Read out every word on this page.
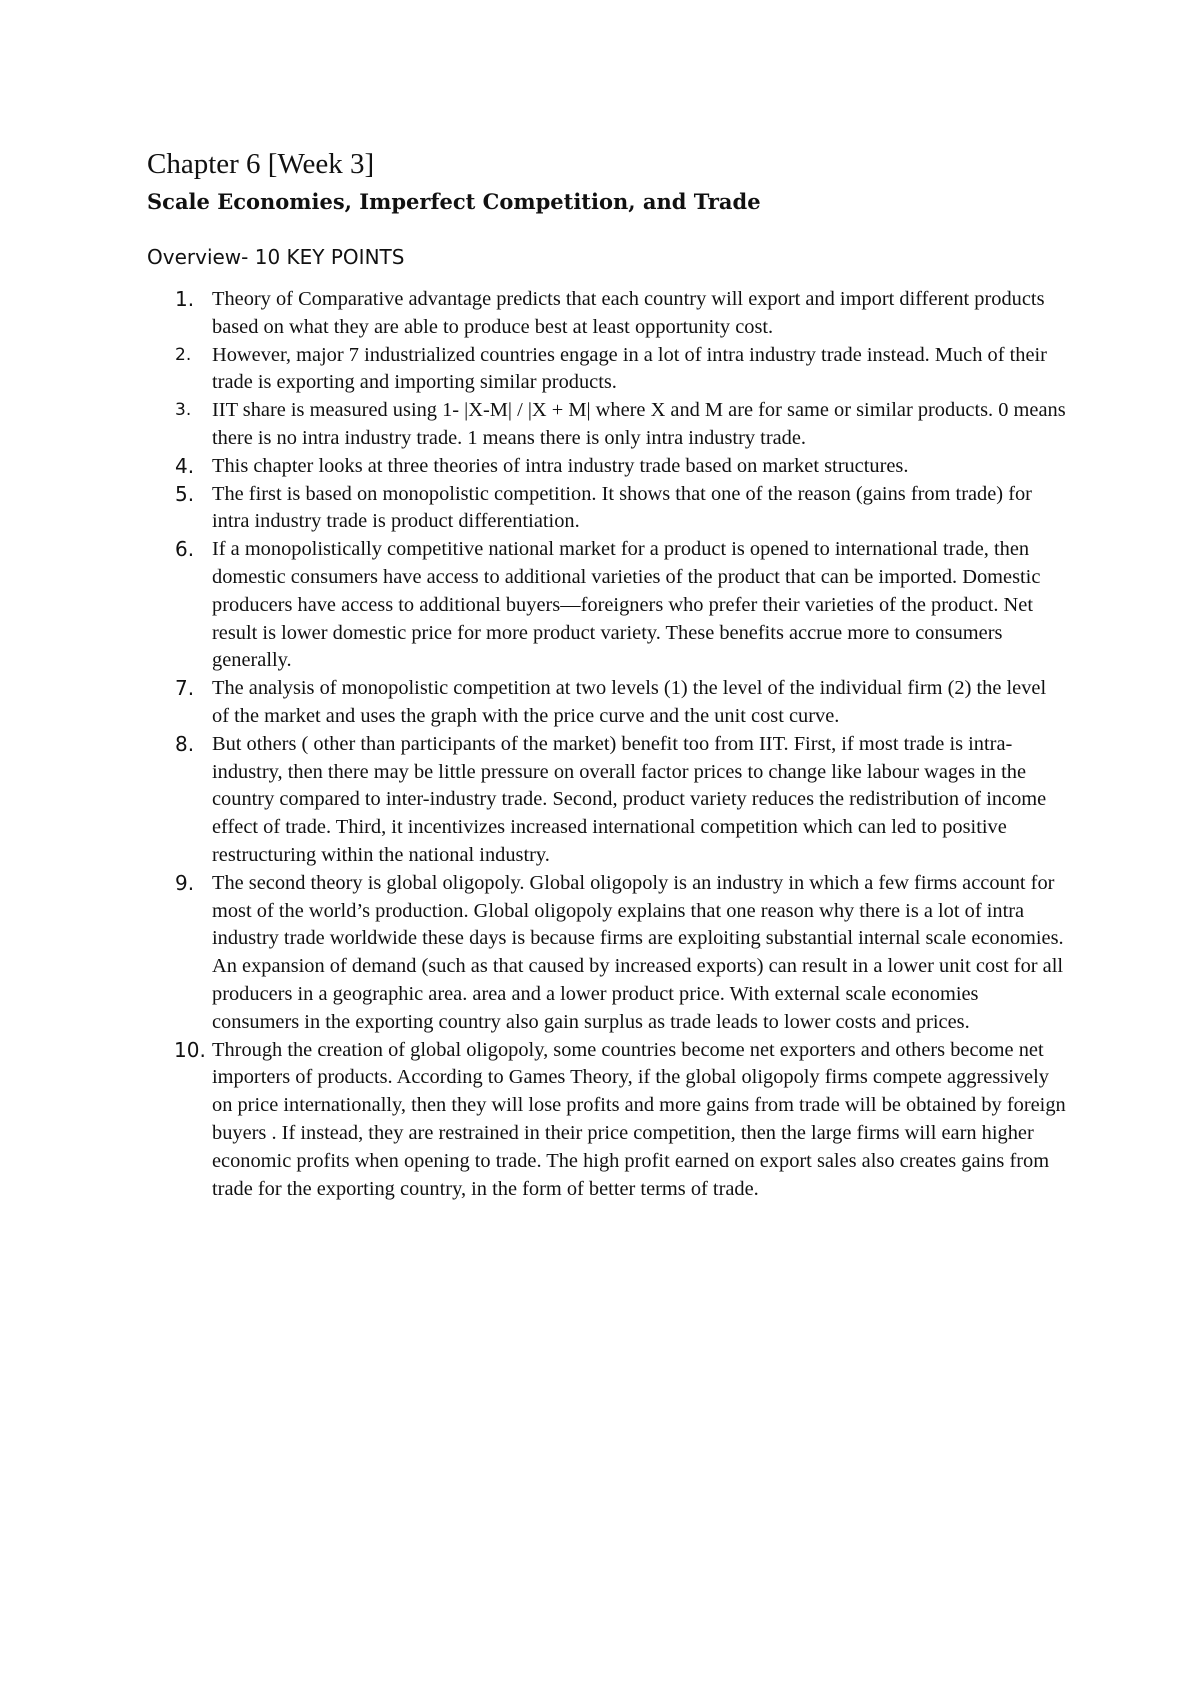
Chapter 6 [Week 3]
Scale Economies, Imperfect Competition, and Trade
Overview- 10 KEY POINTS
1. Theory of Comparative advantage predicts that each country will export and import different products based on what they are able to produce best at least opportunity cost.
2. However, major 7 industrialized countries engage in a lot of intra industry trade instead. Much of their trade is exporting and importing similar products.
3. IIT share is measured using 1- |X-M| / |X + M| where X and M are for same or similar products. 0 means there is no intra industry trade. 1 means there is only intra industry trade.
4. This chapter looks at three theories of intra industry trade based on market structures.
5. The first is based on monopolistic competition. It shows that one of the reason (gains from trade) for intra industry trade is product differentiation.
6. If a monopolistically competitive national market for a product is opened to international trade, then domestic consumers have access to additional varieties of the product that can be imported. Domestic producers have access to additional buyers—foreigners who prefer their varieties of the product. Net result is lower domestic price for more product variety. These benefits accrue more to consumers generally.
7. The analysis of monopolistic competition at two levels (1) the level of the individual firm (2) the level of the market and uses the graph with the price curve and the unit cost curve.
8. But others ( other than participants of the market) benefit too from IIT. First, if most trade is intra-industry, then there may be little pressure on overall factor prices to change like labour wages in the country compared to inter-industry trade. Second, product variety reduces the redistribution of income effect of trade. Third, it incentivizes increased international competition which can led to positive restructuring within the national industry.
9. The second theory is global oligopoly. Global oligopoly is an industry in which a few firms account for most of the world’s production. Global oligopoly explains that one reason why there is a lot of intra industry trade worldwide these days is because firms are exploiting substantial internal scale economies. An expansion of demand (such as that caused by increased exports) can result in a lower unit cost for all producers in a geographic area. area and a lower product price. With external scale economies consumers in the exporting country also gain surplus as trade leads to lower costs and prices.
10. Through the creation of global oligopoly, some countries become net exporters and others become net importers of products. According to Games Theory, if the global oligopoly firms compete aggressively on price internationally, then they will lose profits and more gains from trade will be obtained by foreign buyers . If instead, they are restrained in their price competition, then the large firms will earn higher economic profits when opening to trade. The high profit earned on export sales also creates gains from trade for the exporting country, in the form of better terms of trade.
